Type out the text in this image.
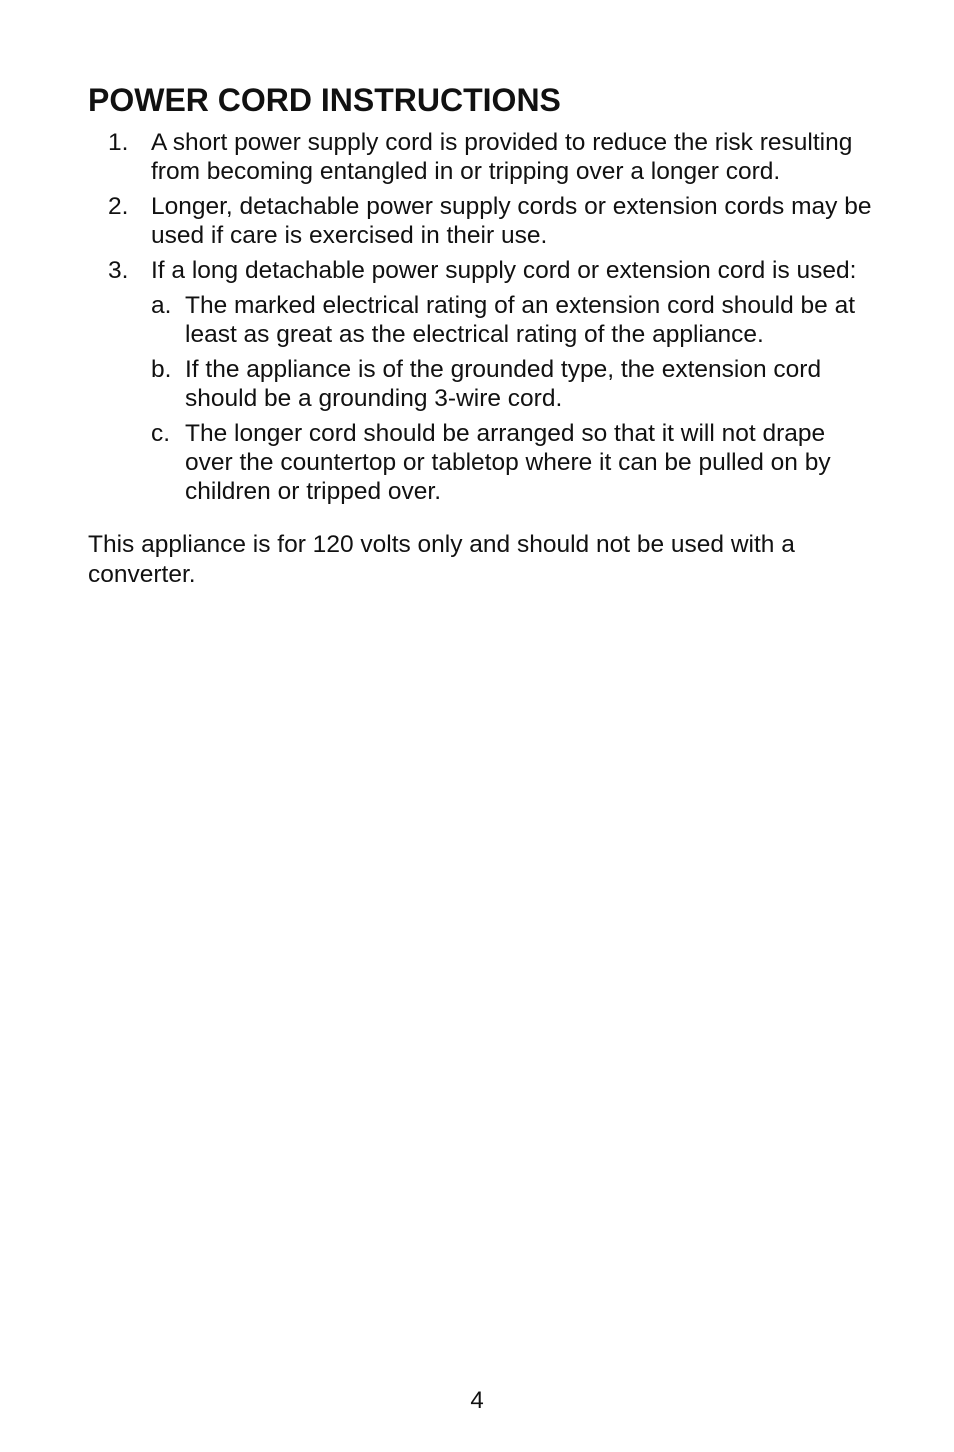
POWER CORD INSTRUCTIONS
1. A short power supply cord is provided to reduce the risk resulting from becoming entangled in or tripping over a longer cord.
2. Longer, detachable power supply cords or extension cords may be used if care is exercised in their use.
3. If a long detachable power supply cord or extension cord is used:
a. The marked electrical rating of an extension cord should be at least as great as the electrical rating of the appliance.
b. If the appliance is of the grounded type, the extension cord should be a grounding 3-wire cord.
c. The longer cord should be arranged so that it will not drape over the countertop or tabletop where it can be pulled on by children or tripped over.

This appliance is for 120 volts only and should not be used with a converter.

4
